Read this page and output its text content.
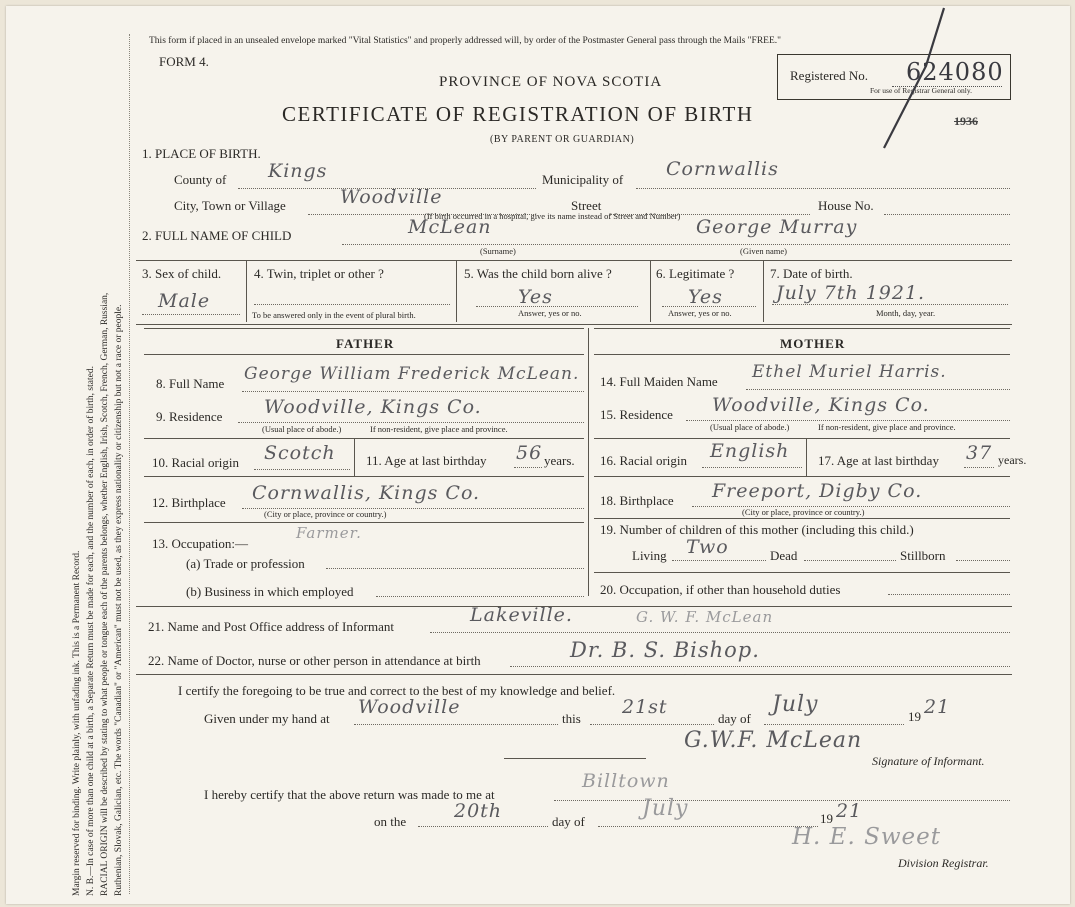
Margin reserved for binding. Write plainly, with unfading ink. This is a Permanent Record. N. B.—In case of more than one child at a birth, a Separate Return must be made for each, and the number of each, in order of birth, stated. RACIAL ORIGIN will be described by stating to what people or tongue each of the parents belongs, whether English, Irish, Scotch, French, German, Russian, Ruthenian, Slovak, Galician, etc. The words "Canadian" or "American" must not be used, as they express nationality or citizenship but not a race or people.
This form if placed in an unsealed envelope marked "Vital Statistics" and properly addressed will, by order of the Postmaster General pass through the Mails "FREE."
FORM 4.
Registered No. 624080
For use of Registrar General only.
PROVINCE OF NOVA SCOTIA
CERTIFICATE OF REGISTRATION OF BIRTH
(BY PARENT OR GUARDIAN)
1936
1. PLACE OF BIRTH.
County of Kings	Municipality of Cornwallis
City, Town or Village	Woodville	Street	House No.
(If birth occurred in a hospital, give its name instead of Street and Number)
2. FULL NAME OF CHILD	McLean
(Surname)
George Murray
(Given name)
3. Sex of child.
Male
4. Twin, triplet or other ?
To be answered only in the event of plural birth.
5. Was the child born alive ?
Yes
Answer, yes or no.
6. Legitimate ?
Yes
Answer, yes or no.
7. Date of birth.
July 7th 1921.
Month, day, year.
FATHER	MOTHER
8. Full Name George William Frederick McLean.
9. Residence Woodville, Kings Co.
(Usual place of abode.)	If non-resident, give place and province.
10. Racial origin Scotch 11. Age at last birthday 56 years.
12. Birthplace Cornwallis, Kings Co.
(City or place, province or country.)
13. Occupation:—
Farmer.
(a) Trade or profession
(b) Business in which employed
14. Full Maiden Name Ethel Muriel Harris.
15. Residence Woodville, Kings Co.
(Usual place of abode.)	If non-resident, give place and province.
16. Racial origin English 17. Age at last birthday 37 years.
18. Birthplace Freeport, Digby Co.
(City or place, province or country.)
19. Number of children of this mother (including this child.)
Living Two	Dead	Stillborn
20. Occupation, if other than household duties
21. Name and Post Office address of Informant
Lakeville.	G. W. F. McLean
22. Name of Doctor, nurse or other person in attendance at birth	Dr. B. S. Bishop.
I certify the foregoing to be true and correct to the best of my knowledge and belief.
Given under my hand at
Woodville
this
21st
day of
July	19 21
G.W.F. McLean
Signature of Informant.
I hereby certify that the above return was made to me at
Billtown
on the	20th	day of
July	19 21
H. E. Sweet
Division Registrar.
